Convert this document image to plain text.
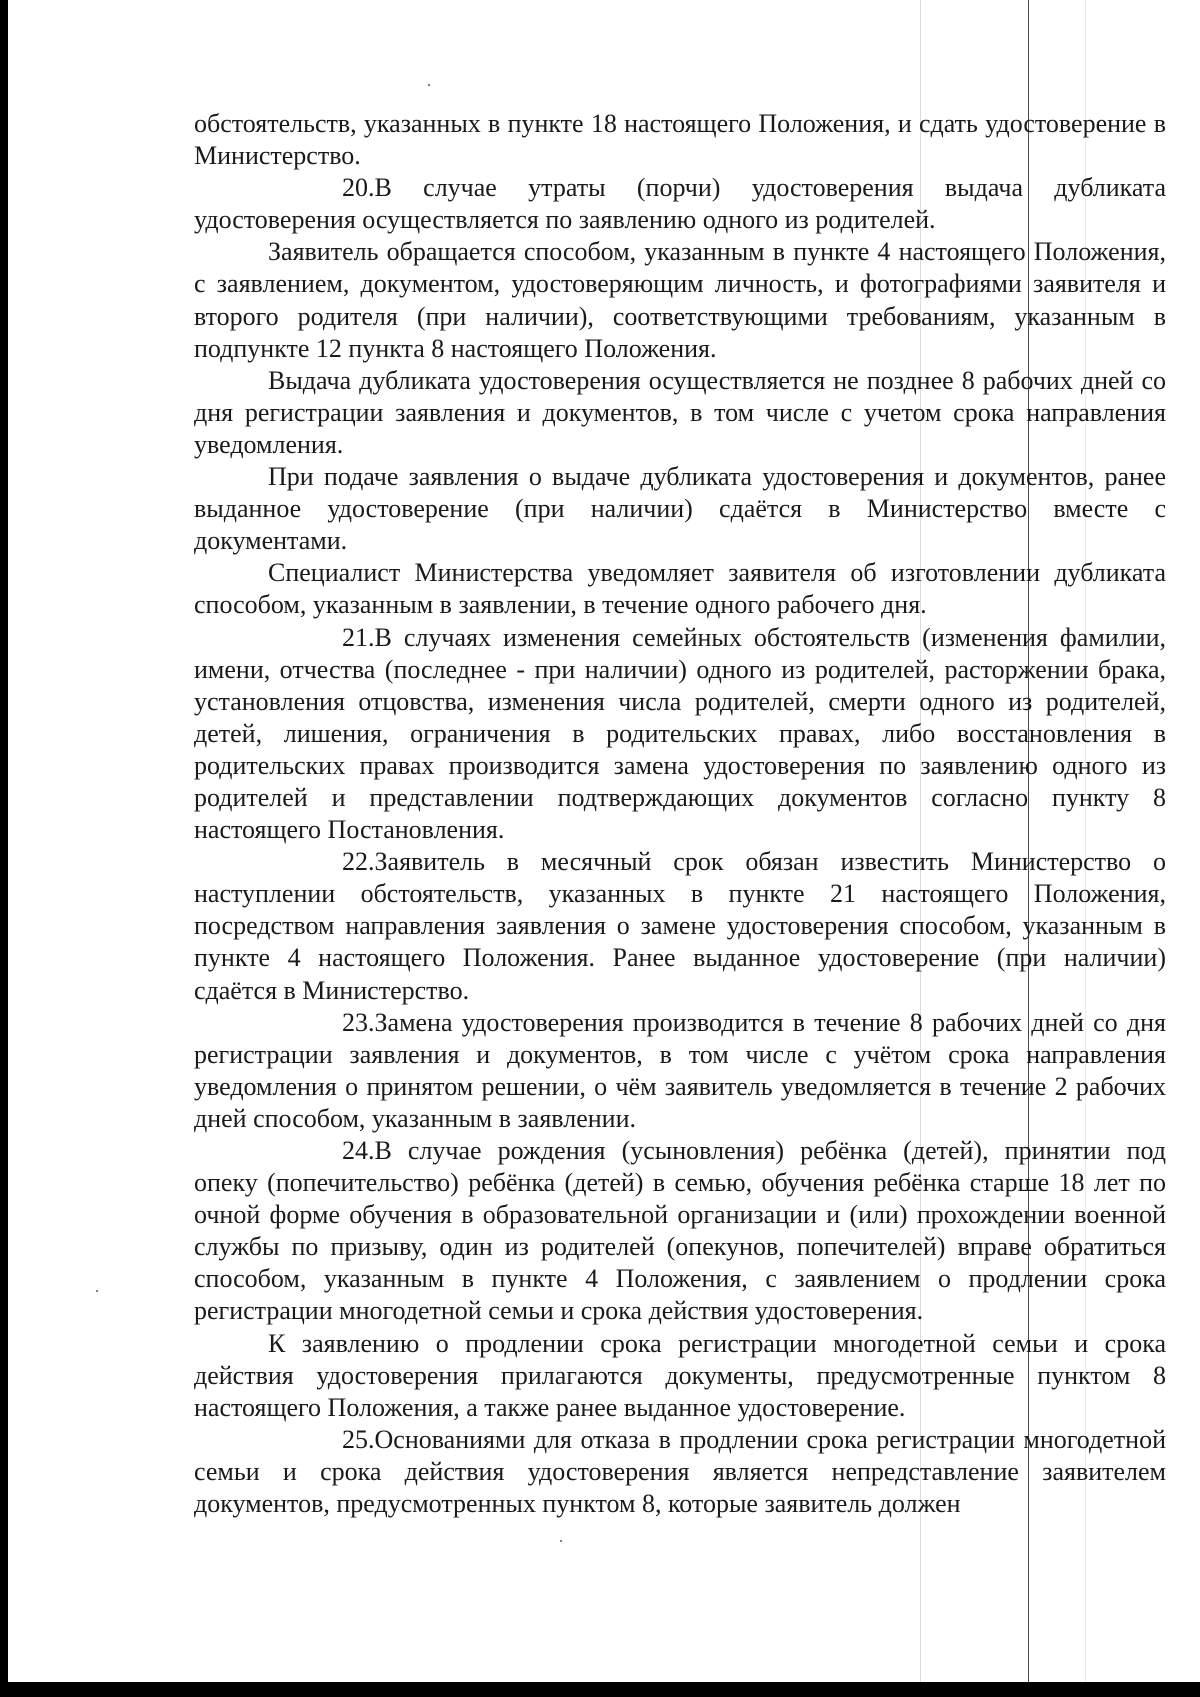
обстоятельств, указанных в пункте 18 настоящего Положения, и сдать удостоверение в Министерство.

20.В случае утраты (порчи) удостоверения выдача дубликата удостоверения осуществляется по заявлению одного из родителей.

Заявитель обращается способом, указанным в пункте 4 настоящего Положения, с заявлением, документом, удостоверяющим личность, и фотографиями заявителя и второго родителя (при наличии), соответствующими требованиям, указанным в подпункте 12 пункта 8 настоящего Положения.

Выдача дубликата удостоверения осуществляется не позднее 8 рабочих дней со дня регистрации заявления и документов, в том числе с учетом срока направления уведомления.

При подаче заявления о выдаче дубликата удостоверения и документов, ранее выданное удостоверение (при наличии) сдаётся в Министерство вместе с документами.

Специалист Министерства уведомляет заявителя об изготовлении дубликата способом, указанным в заявлении, в течение одного рабочего дня.

21.В случаях изменения семейных обстоятельств (изменения фамилии, имени, отчества (последнее - при наличии) одного из родителей, расторжении брака, установления отцовства, изменения числа родителей, смерти одного из родителей, детей, лишения, ограничения в родительских правах, либо восстановления в родительских правах производится замена удостоверения по заявлению одного из родителей и представлении подтверждающих документов согласно пункту 8 настоящего Постановления.

22.Заявитель в месячный срок обязан известить Министерство о наступлении обстоятельств, указанных в пункте 21 настоящего Положения, посредством направления заявления о замене удостоверения способом, указанным в пункте 4 настоящего Положения. Ранее выданное удостоверение (при наличии) сдаётся в Министерство.

23.Замена удостоверения производится в течение 8 рабочих дней со дня регистрации заявления и документов, в том числе с учётом срока направления уведомления о принятом решении, о чём заявитель уведомляется в течение 2 рабочих дней способом, указанным в заявлении.

24.В случае рождения (усыновления) ребёнка (детей), принятии под опеку (попечительство) ребёнка (детей) в семью, обучения ребёнка старше 18 лет по очной форме обучения в образовательной организации и (или) прохождении военной службы по призыву, один из родителей (опекунов, попечителей) вправе обратиться способом, указанным в пункте 4 Положения, с заявлением о продлении срока регистрации многодетной семьи и срока действия удостоверения.

К заявлению о продлении срока регистрации многодетной семьи и срока действия удостоверения прилагаются документы, предусмотренные пунктом 8 настоящего Положения, а также ранее выданное удостоверение.

25.Основаниями для отказа в продлении срока регистрации многодетной семьи и срока действия удостоверения является непредставление заявителем документов, предусмотренных пунктом 8, которые заявитель должен
